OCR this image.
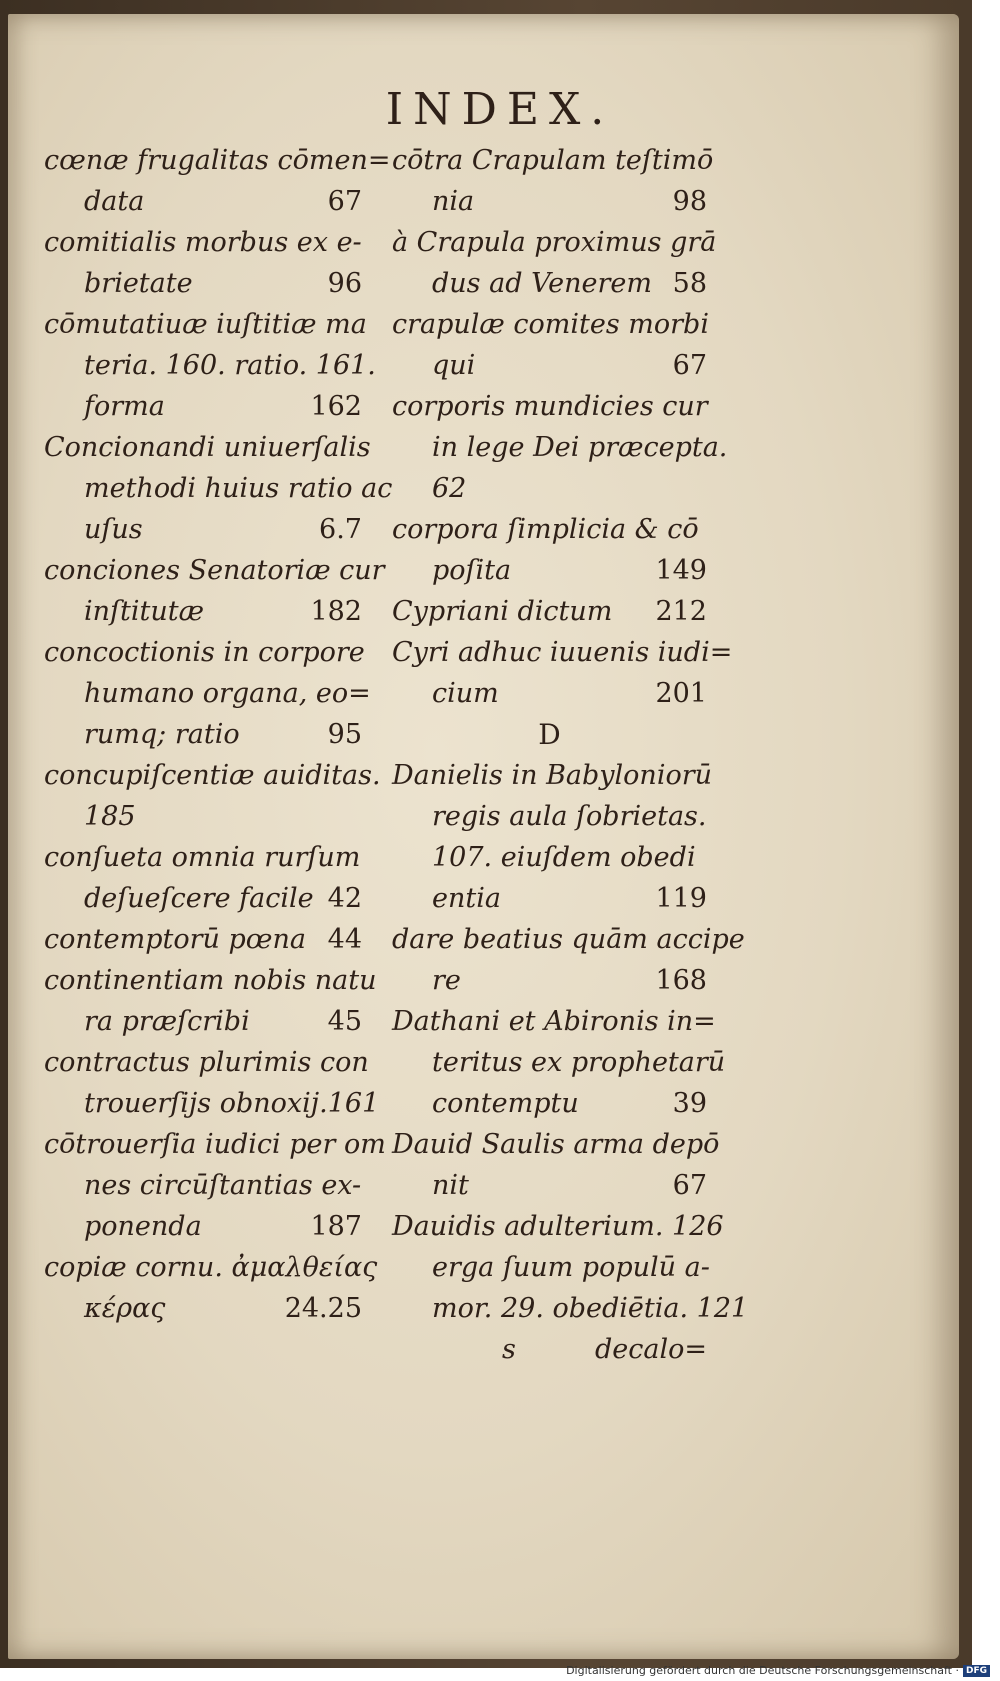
INDEX.
cœnæ frugalitas cōmen=
data	67
comitialis morbus ex e-
brietate	96
cōmutatiuæ iuſtitiæ ma
teria. 160. ratio. 161.
forma	162
Concionandi uniuerſalis
methodi huius ratio ac
uſus	6.7
conciones Senatoriæ cur
inſtitutæ	182
concoctionis in corpore
humano organa, eo=
rumq; ratio	95
concupiſcentiæ auiditas.
185
conſueta omnia rurſum
deſueſcere facile 42
contemptorū pœna 44
continentiam nobis natu
ra præſcribi	45
contractus plurimis con
trouerſijs obnoxij.161
cōtrouerſia iudici per om
nes circūſtantias ex-
ponenda	187
copiæ cornu. ἀμαλθείας
κέρας	24.25
cōtra Crapulam teſtimō
nia	98
à Crapula proximus grā
dus ad Venerem 58
crapulæ comites morbi
qui	67
corporis mundicies cur
in lege Dei præcepta.
62
corpora ſimplicia & cō
poſita	149
Cypriani dictum 212
Cyri adhuc iuuenis iudi=
cium	201
D
Danielis in Babyloniorū
regis aula ſobrietas.
107. eiuſdem obedi
entia	119
dare beatius quām accipe
re	168
Dathani et Abironis in=
teritus ex prophetarū
contemptu	39
Dauid Saulis arma depō
nit	67
Dauidis adulterium. 126
erga ſuum populū a-
mor. 29. obediētia. 121
s	decalo=
Digitalisierung gefördert durch die Deutsche Forschungsgemeinschaft · DFG
